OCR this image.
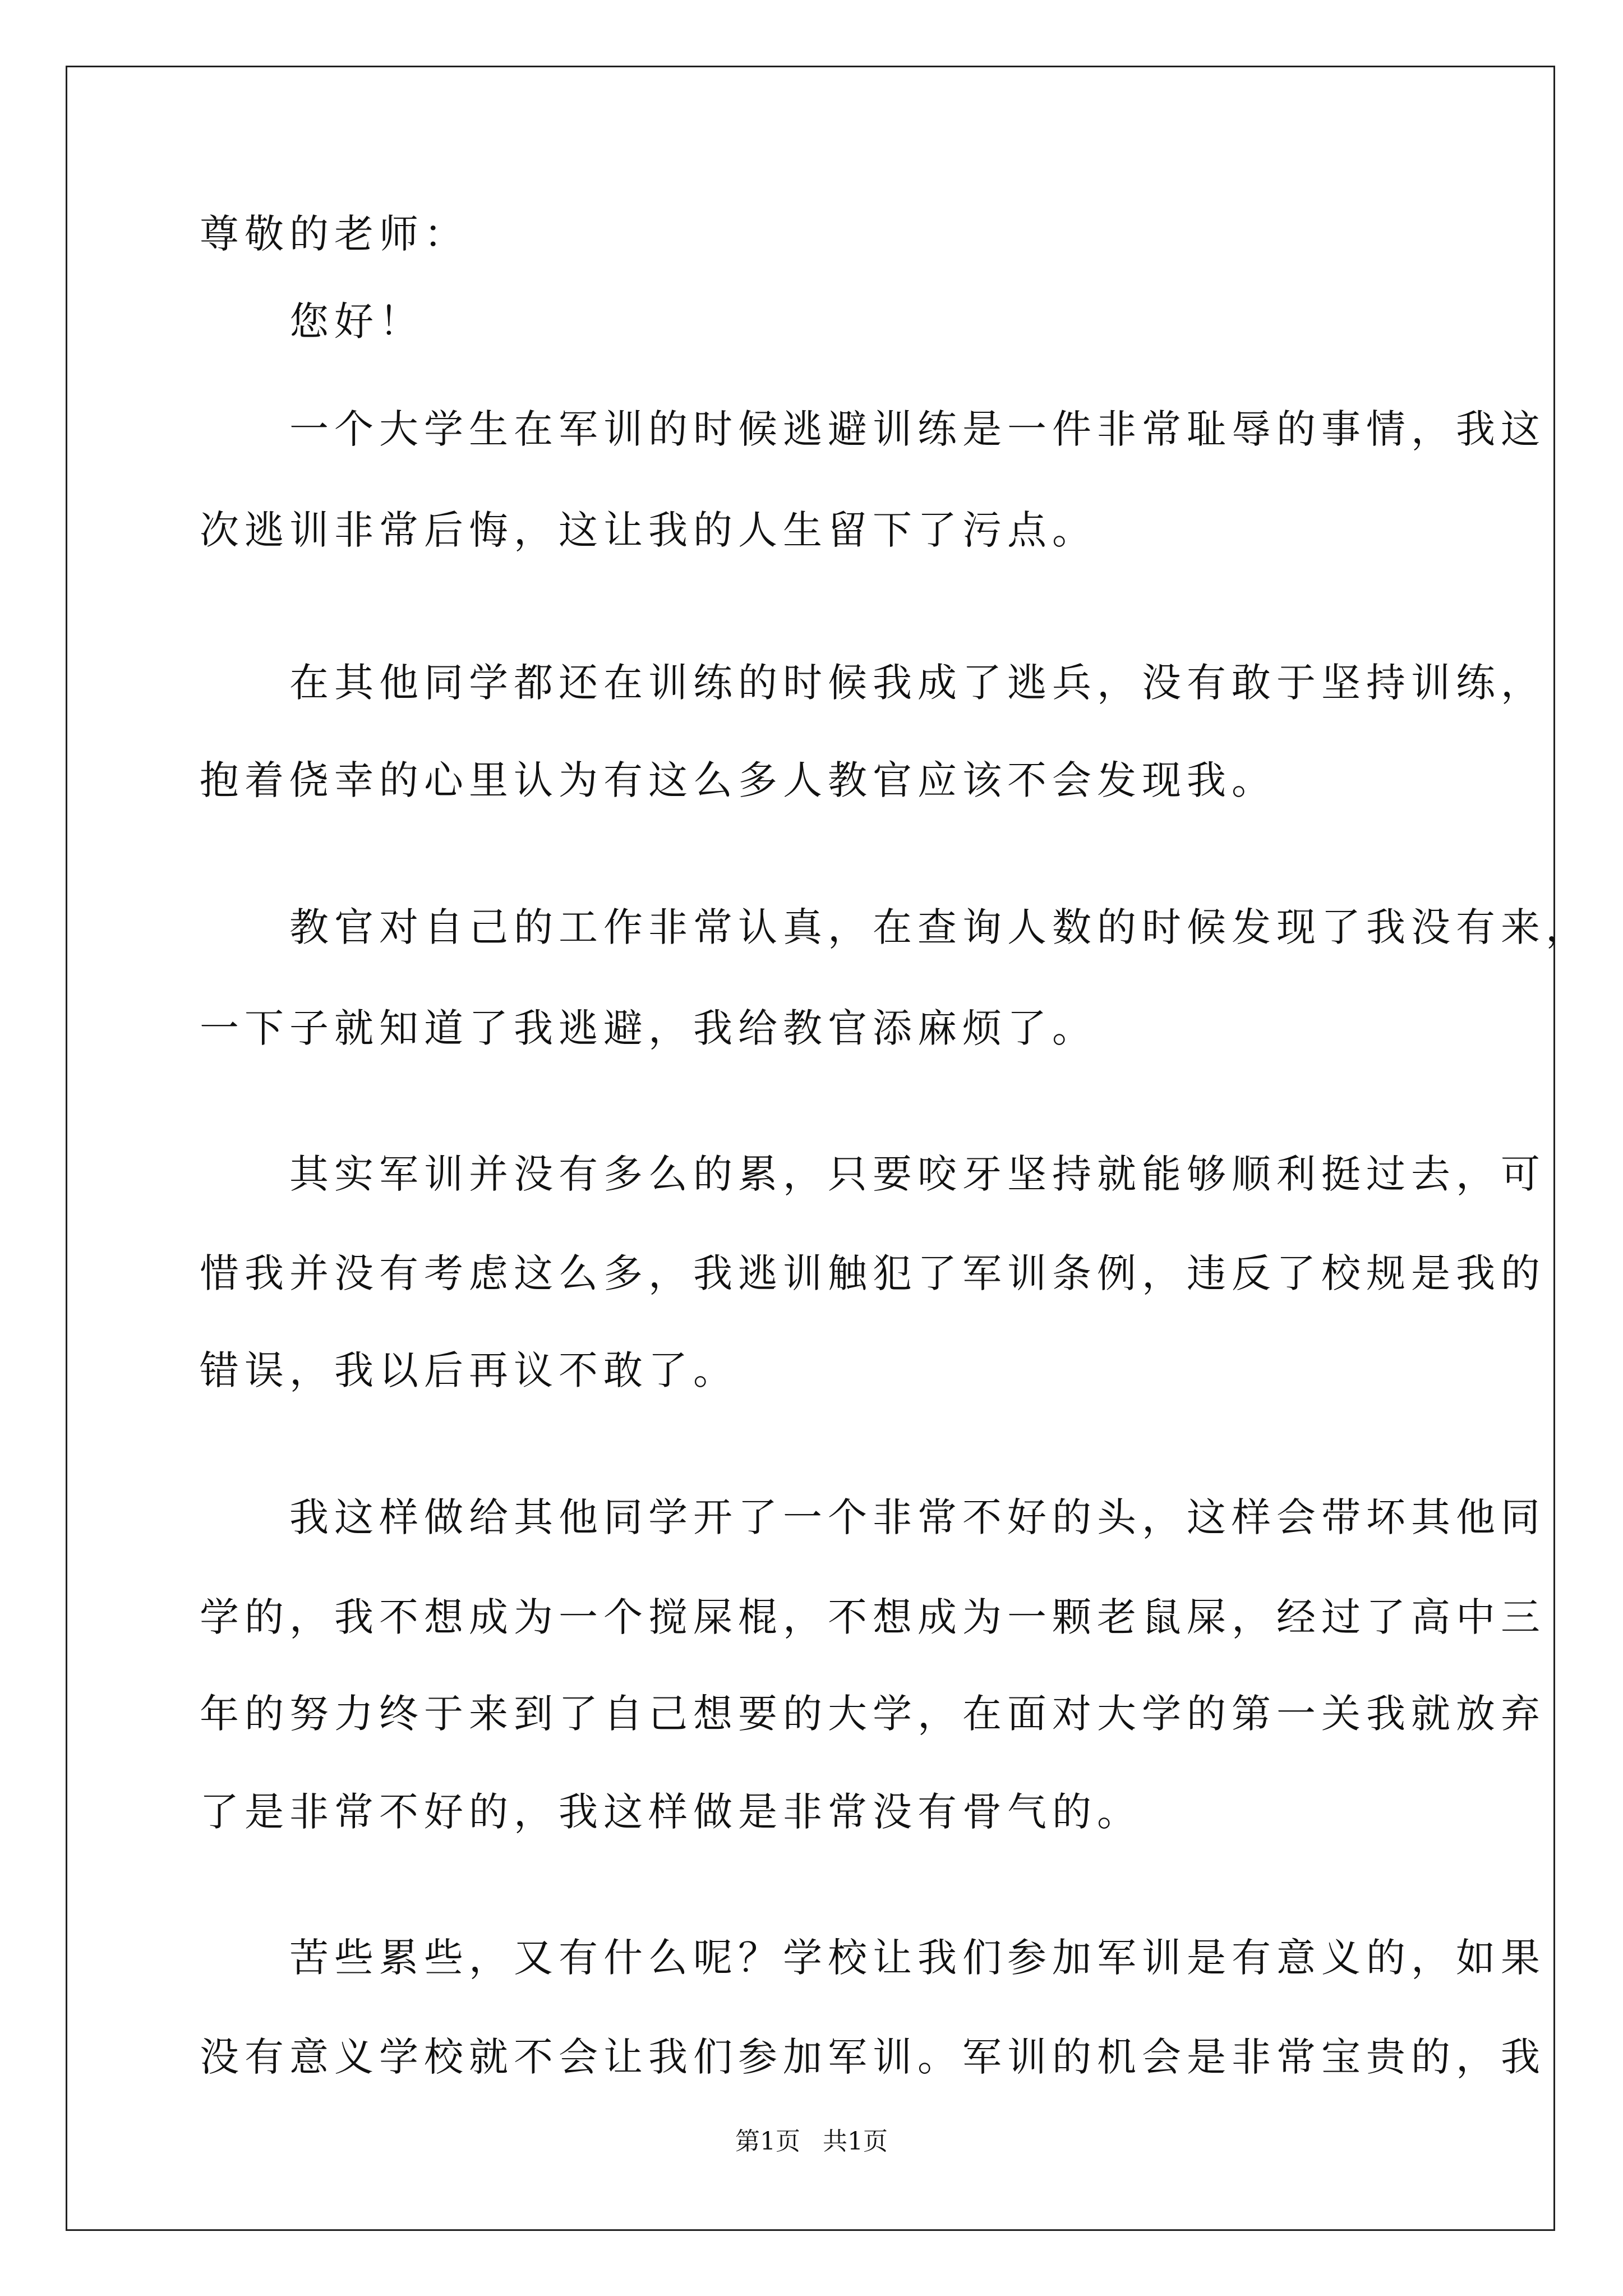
尊敬的老师：
　　您好！
　　一个大学生在军训的时候逃避训练是一件非常耻辱的事情，我这
次逃训非常后悔，这让我的人生留下了污点。
　　在其他同学都还在训练的时候我成了逃兵，没有敢于坚持训练，
抱着侥幸的心里认为有这么多人教官应该不会发现我。
　　教官对自己的工作非常认真，在查询人数的时候发现了我没有来，
一下子就知道了我逃避，我给教官添麻烦了。
　　其实军训并没有多么的累，只要咬牙坚持就能够顺利挺过去，可
惜我并没有考虑这么多，我逃训触犯了军训条例，违反了校规是我的
错误，我以后再议不敢了。
　　我这样做给其他同学开了一个非常不好的头，这样会带坏其他同
学的，我不想成为一个搅屎棍，不想成为一颗老鼠屎，经过了高中三
年的努力终于来到了自己想要的大学，在面对大学的第一关我就放弃
了是非常不好的，我这样做是非常没有骨气的。
　　苦些累些，又有什么呢？学校让我们参加军训是有意义的，如果
没有意义学校就不会让我们参加军训。军训的机会是非常宝贵的，我
第1页 共1页
